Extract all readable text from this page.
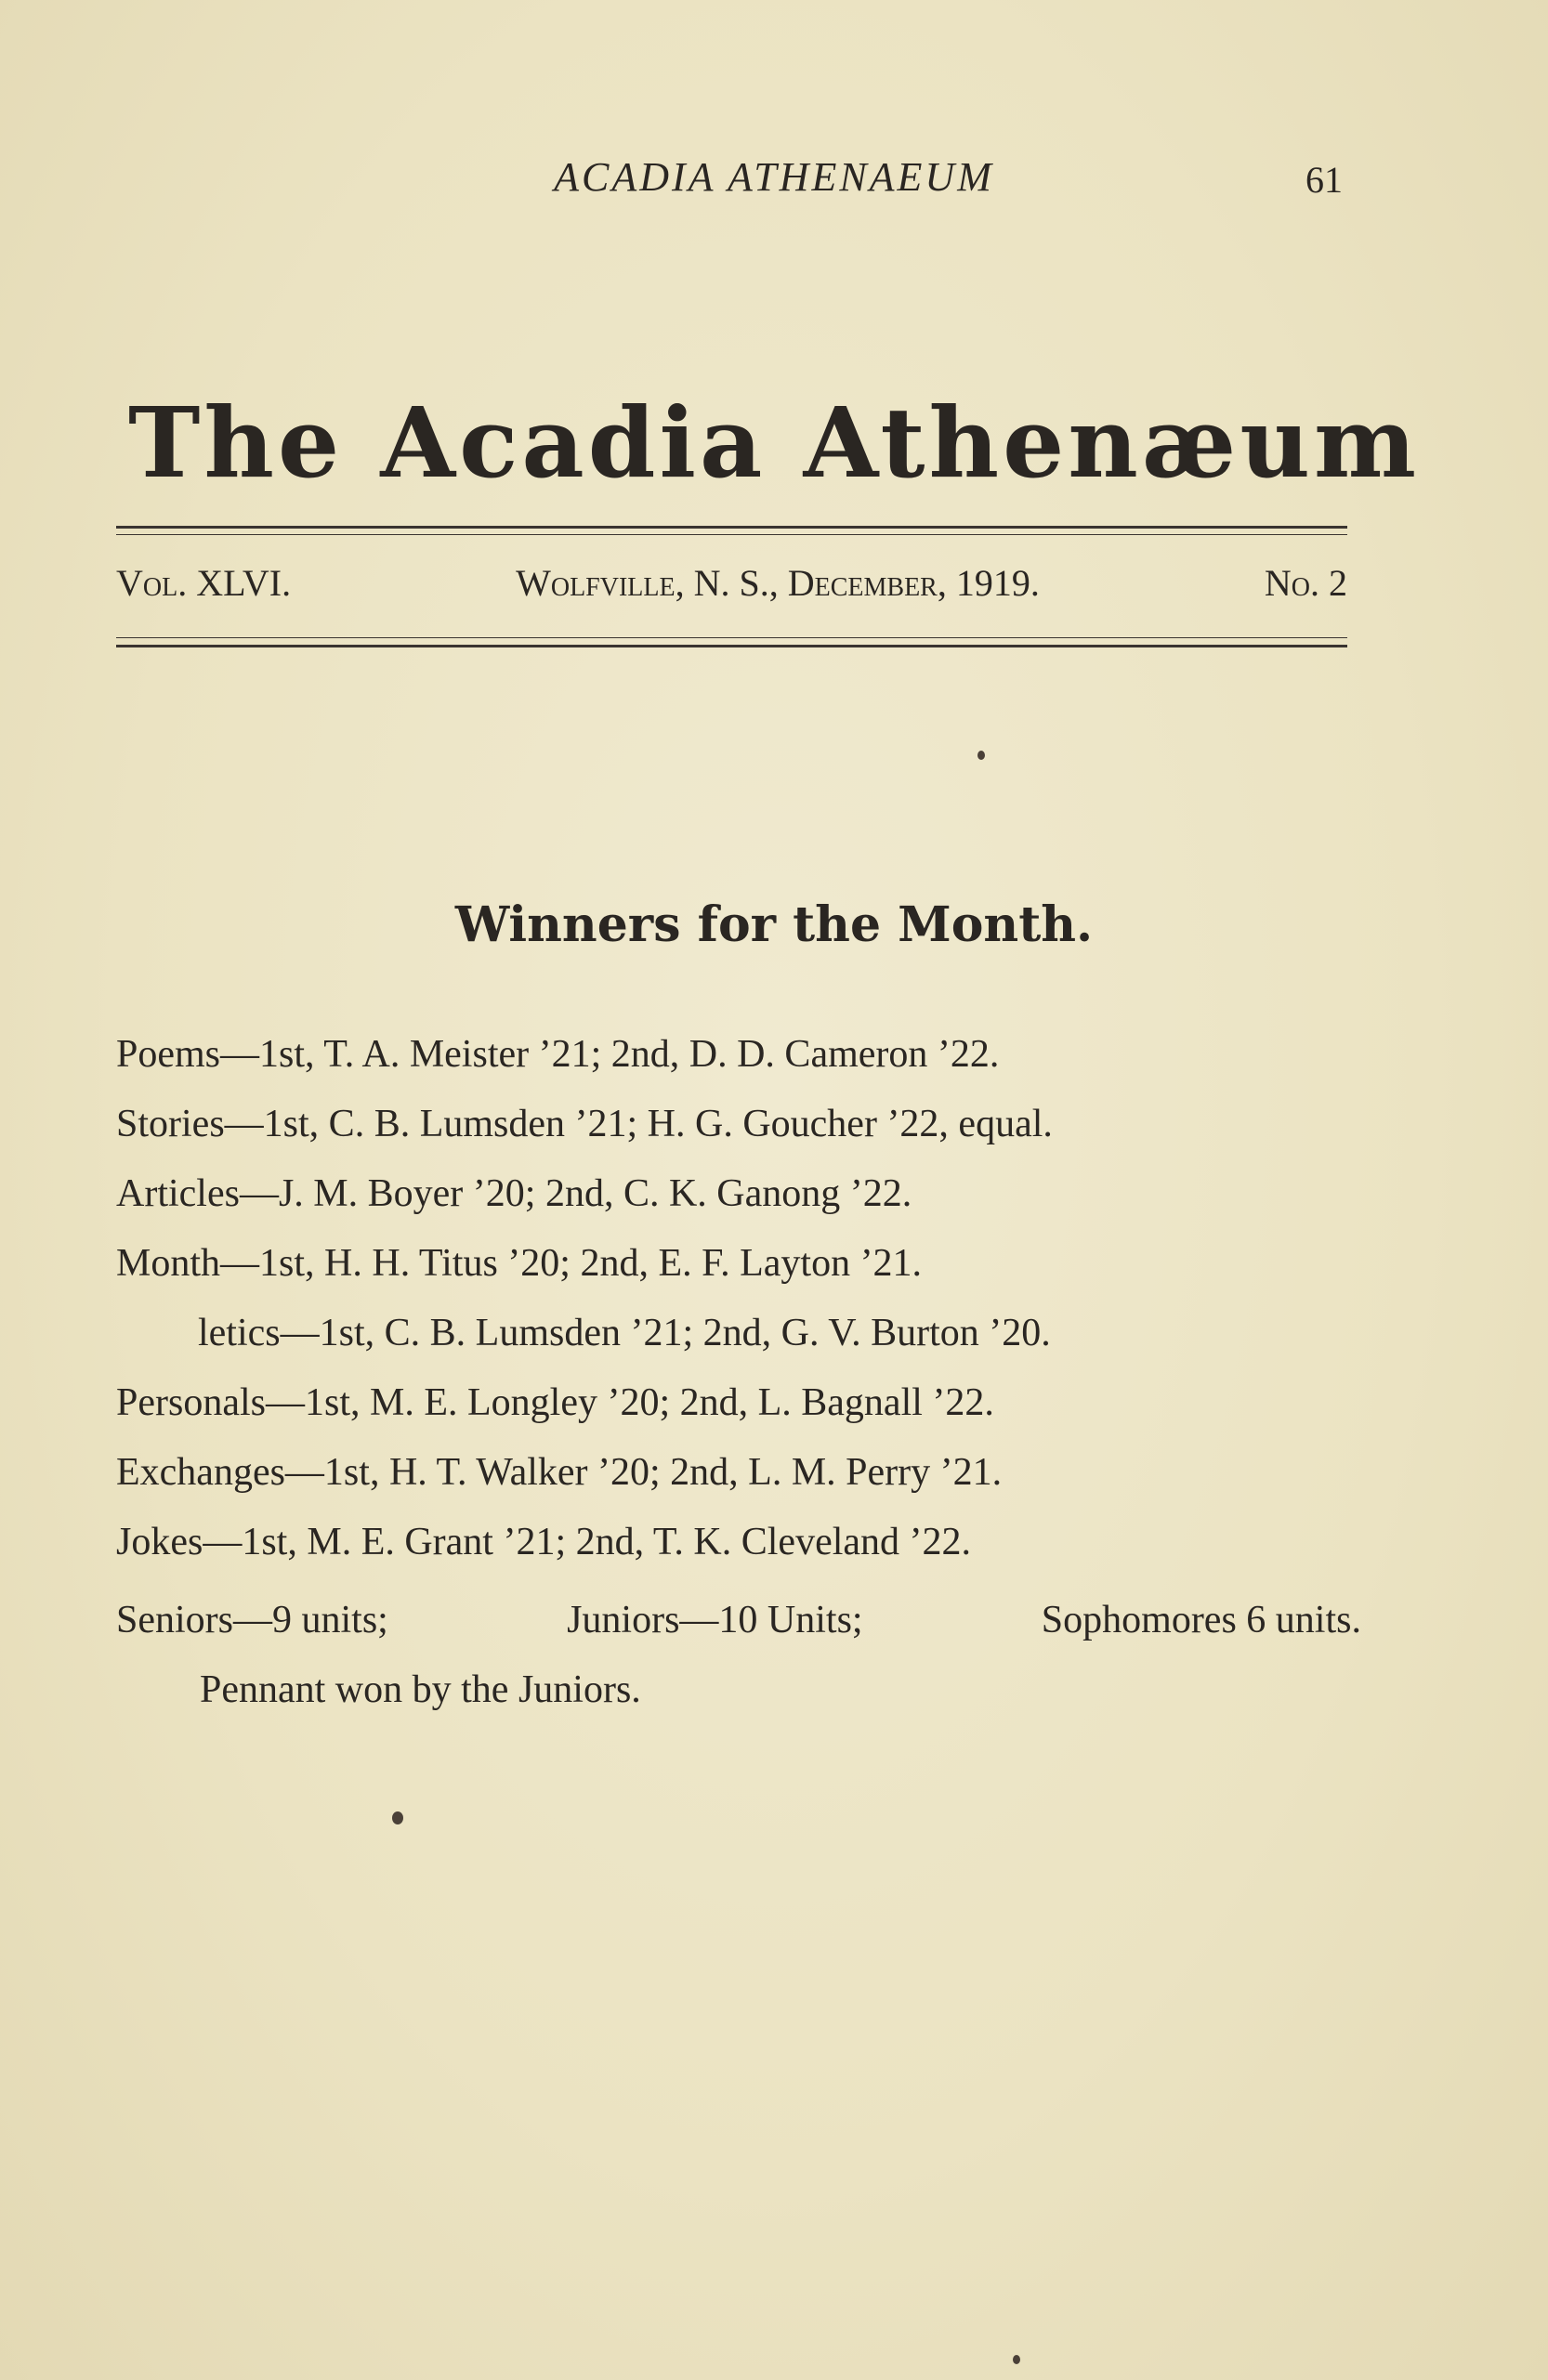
ACADIA ATHENAEUM	61
The Acadia Athenæum
Vol. XLVI.	Wolfville, N. S., December, 1919.	No. 2
Winners for the Month.
Poems—1st, T. A. Meister ’21; 2nd, D. D. Cameron ’22.
Stories—1st, C. B. Lumsden ’21; H. G. Goucher ’22, equal.
Articles—J. M. Boyer ’20; 2nd, C. K. Ganong ’22.
Month—1st, H. H. Titus ’20; 2nd, E. F. Layton ’21.
letics—1st, C. B. Lumsden ’21; 2nd, G. V. Burton ’20.
Personals—1st, M. E. Longley ’20; 2nd, L. Bagnall ’22.
Exchanges—1st, H. T. Walker ’20; 2nd, L. M. Perry ’21.
Jokes—1st, M. E. Grant ’21; 2nd, T. K. Cleveland ’22.
Seniors—9 units;	Juniors—10 Units;	Sophomores 6 units.
Pennant won by the Juniors.
